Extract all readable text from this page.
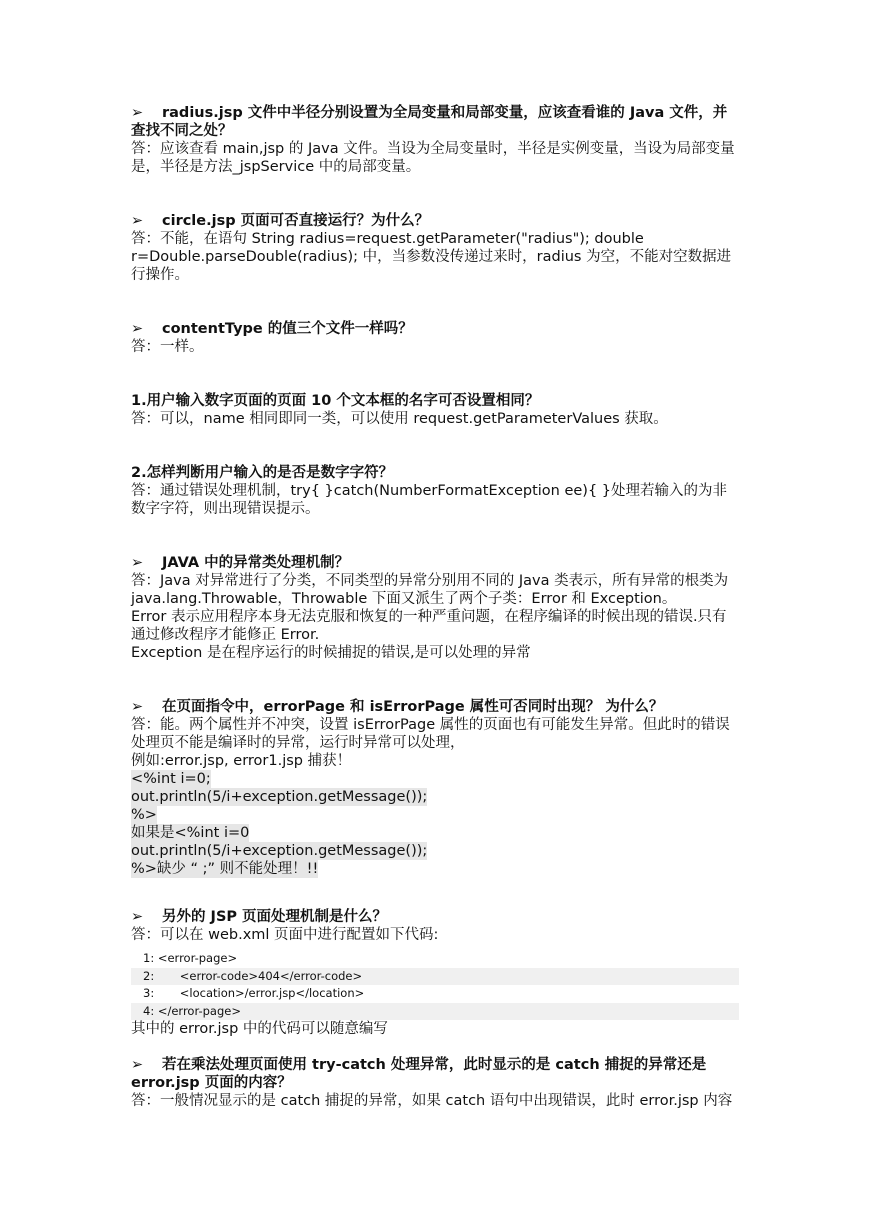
➢ radius.jsp 文件中半径分别设置为全局变量和局部变量，应该查看谁的 Java 文件，并查找不同之处？

答：应该查看 main,jsp 的 Java 文件。当设为全局变量时，半径是实例变量，当设为局部变量是，半径是方法_jspService 中的局部变量。

➢ circle.jsp 页面可否直接运行？为什么？

答：不能，在语句 String radius=request.getParameter("radius"); double r=Double.parseDouble(radius); 中，当参数没传递过来时，radius 为空，不能对空数据进行操作。

➢ contentType 的值三个文件一样吗？

答：一样。

1.用户输入数字页面的页面 10 个文本框的名字可否设置相同？

答：可以，name 相同即同一类，可以使用 request.getParameterValues 获取。

2.怎样判断用户输入的是否是数字字符？

答：通过错误处理机制，try{ }catch(NumberFormatException ee){ }处理若输入的为非数字字符，则出现错误提示。

➢ JAVA 中的异常类处理机制？

答：Java 对异常进行了分类，不同类型的异常分别用不同的 Java 类表示，所有异常的根类为 java.lang.Throwable，Throwable 下面又派生了两个子类：Error 和 Exception。

Error 表示应用程序本身无法克服和恢复的一种严重问题，在程序编译的时候出现的错误.只有通过修改程序才能修正 Error.

Exception 是在程序运行的时候捕捉的错误,是可以处理的异常

➢ 在页面指令中，errorPage 和 isErrorPage 属性可否同时出现？ 为什么？

答：能。两个属性并不冲突，设置 isErrorPage 属性的页面也有可能发生异常。但此时的错误处理页不能是编译时的异常，运行时异常可以处理，

例如:error.jsp, error1.jsp 捕获！

<%int i=0;

out.println(5/i+exception.getMessage());

%>

如果是<%int i=0

out.println(5/i+exception.getMessage());

%>缺少 “ ;” 则不能处理！!!

➢ 另外的 JSP 页面处理机制是什么？

答：可以在 web.xml 页面中进行配置如下代码:

1: <error-page>
2:       <error-code>404</error-code>
3:       <location>/error.jsp</location>
4: </error-page>

其中的 error.jsp 中的代码可以随意编写

➢ 若在乘法处理页面使用 try-catch 处理异常，此时显示的是 catch 捕捉的异常还是 error.jsp 页面的内容？

答：一般情况显示的是 catch 捕捉的异常，如果 catch 语句中出现错误，此时 error.jsp 内容
